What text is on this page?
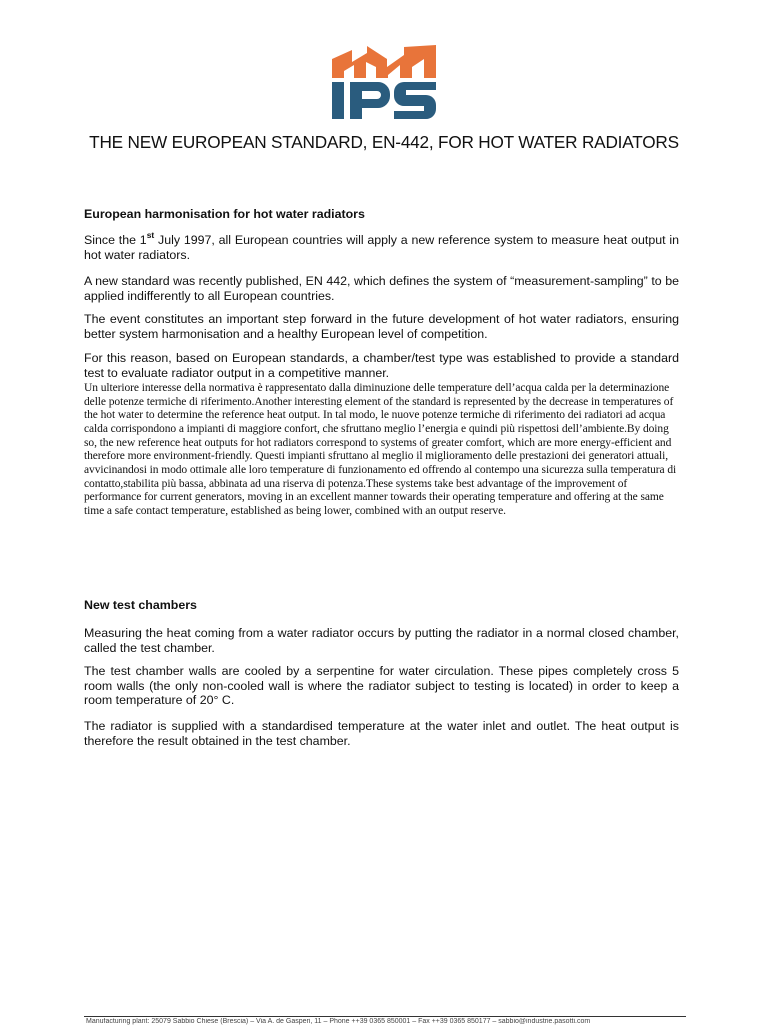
THE NEW EUROPEAN STANDARD, EN-442, FOR HOT WATER RADIATORS
European harmonisation for hot water radiators
Since the 1st July 1997, all European countries will apply a new reference system to measure heat output in hot water radiators.
A new standard was recently published, EN 442, which defines the system of “measurement-sampling” to be applied indifferently to all European countries.
The event constitutes an important step forward in the future development of hot water radiators, ensuring better system harmonisation and a healthy European level of competition.
For this reason, based on European standards, a chamber/test type was established to provide a standard test to evaluate radiator output in a competitive manner.
Un ulteriore interesse della normativa è rappresentato dalla diminuzione delle temperature dell’acqua calda per la determinazione delle potenze termiche di riferimento.Another interesting element of the standard is represented by the decrease in temperatures of the hot water to determine the reference heat output. In tal modo, le nuove potenze termiche di riferimento dei radiatori ad acqua calda corrispondono a impianti di maggiore confort, che sfruttano meglio l’energia e quindi più rispettosi dell’ambiente.By doing so, the new reference heat outputs for hot radiators correspond to systems of greater comfort, which are more energy-efficient and therefore more environment-friendly. Questi impianti sfruttano al meglio il miglioramento delle prestazioni dei generatori attuali, avvicinandosi in modo ottimale alle loro temperature di funzionamento ed offrendo al contempo una sicurezza sulla temperatura di contatto,stabilita più bassa, abbinata ad una riserva di potenza.These systems take best advantage of the improvement of performance for current generators, moving in an excellent manner towards their operating temperature and offering at the same time a safe contact temperature, established as being lower, combined with an output reserve.
New test chambers
Measuring the heat coming from a water radiator occurs by putting the radiator in a normal closed chamber, called the test chamber.
The test chamber walls are cooled by a serpentine for water circulation. These pipes completely cross 5 room walls (the only non-cooled wall is where the radiator subject to testing is located) in order to keep a room temperature of 20° C.
The radiator is supplied with a standardised temperature at the water inlet and outlet. The heat output is therefore the result obtained in the test chamber.
Manufacturing plant: 25079 Sabbio Chiese (Brescia) – Via A. de Gasperi, 11 – Phone ++39 0365 850001 – Fax ++39 0365 850177 – sabbio@industrie.pasotti.com
